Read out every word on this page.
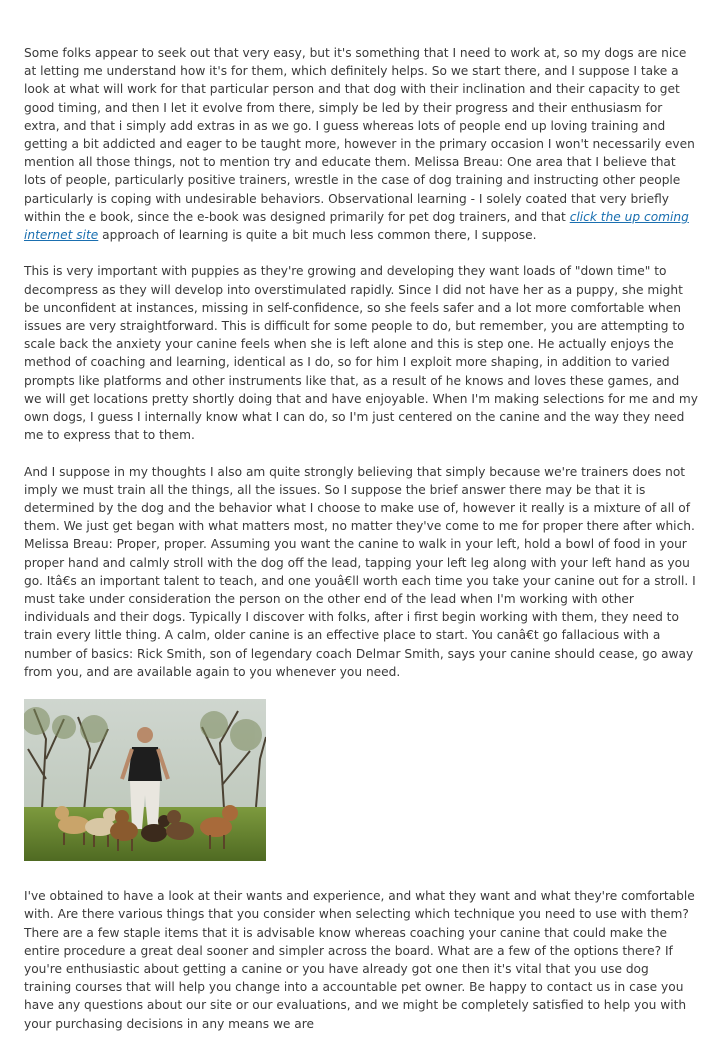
Some folks appear to seek out that very easy, but it's something that I need to work at, so my dogs are nice at letting me understand how it's for them, which definitely helps. So we start there, and I suppose I take a look at what will work for that particular person and that dog with their inclination and their capacity to get good timing, and then I let it evolve from there, simply be led by their progress and their enthusiasm for extra, and that i simply add extras in as we go. I guess whereas lots of people end up loving training and getting a bit addicted and eager to be taught more, however in the primary occasion I won't necessarily even mention all those things, not to mention try and educate them. Melissa Breau: One area that I believe that lots of people, particularly positive trainers, wrestle in the case of dog training and instructing other people particularly is coping with undesirable behaviors. Observational learning - I solely coated that very briefly within the e book, since the e-book was designed primarily for pet dog trainers, and that click the up coming internet site approach of learning is quite a bit much less common there, I suppose.

This is very important with puppies as they're growing and developing they want loads of "down time" to decompress as they will develop into overstimulated rapidly. Since I did not have her as a puppy, she might be unconfident at instances, missing in self-confidence, so she feels safer and a lot more comfortable when issues are very straightforward. This is difficult for some people to do, but remember, you are attempting to scale back the anxiety your canine feels when she is left alone and this is step one. He actually enjoys the method of coaching and learning, identical as I do, so for him I exploit more shaping, in addition to varied prompts like platforms and other instruments like that, as a result of he knows and loves these games, and we will get locations pretty shortly doing that and have enjoyable. When I'm making selections for me and my own dogs, I guess I internally know what I can do, so I'm just centered on the canine and the way they need me to express that to them.

And I suppose in my thoughts I also am quite strongly believing that simply because we're trainers does not imply we must train all the things, all the issues. So I suppose the brief answer there may be that it is determined by the dog and the behavior what I choose to make use of, however it really is a mixture of all of them. We just get began with what matters most, no matter they've come to me for proper there after which. Melissa Breau: Proper, proper. Assuming you want the canine to walk in your left, hold a bowl of food in your proper hand and calmly stroll with the dog off the lead, tapping your left leg along with your left hand as you go. Itâ€s an important talent to teach, and one youâ€ll worth each time you take your canine out for a stroll. I must take under consideration the person on the other end of the lead when I'm working with other individuals and their dogs. Typically I discover with folks, after i first begin working with them, they need to train every little thing. A calm, older canine is an effective place to start. You canâ€t go fallacious with a number of basics: Rick Smith, son of legendary coach Delmar Smith, says your canine should cease, go away from you, and are available again to you whenever you need.

I've obtained to have a look at their wants and experience, and what they want and what they're comfortable with. Are there various things that you consider when selecting which technique you need to use with them? There are a few staple items that it is advisable know whereas coaching your canine that could make the entire procedure a great deal sooner and simpler across the board. What are a few of the options there? If you're enthusiastic about getting a canine or you have already got one then it's vital that you use dog training courses that will help you change into a accountable pet owner. Be happy to contact us in case you have any questions about our site or our evaluations, and we might be completely satisfied to help you with your purchasing decisions in any means we are
